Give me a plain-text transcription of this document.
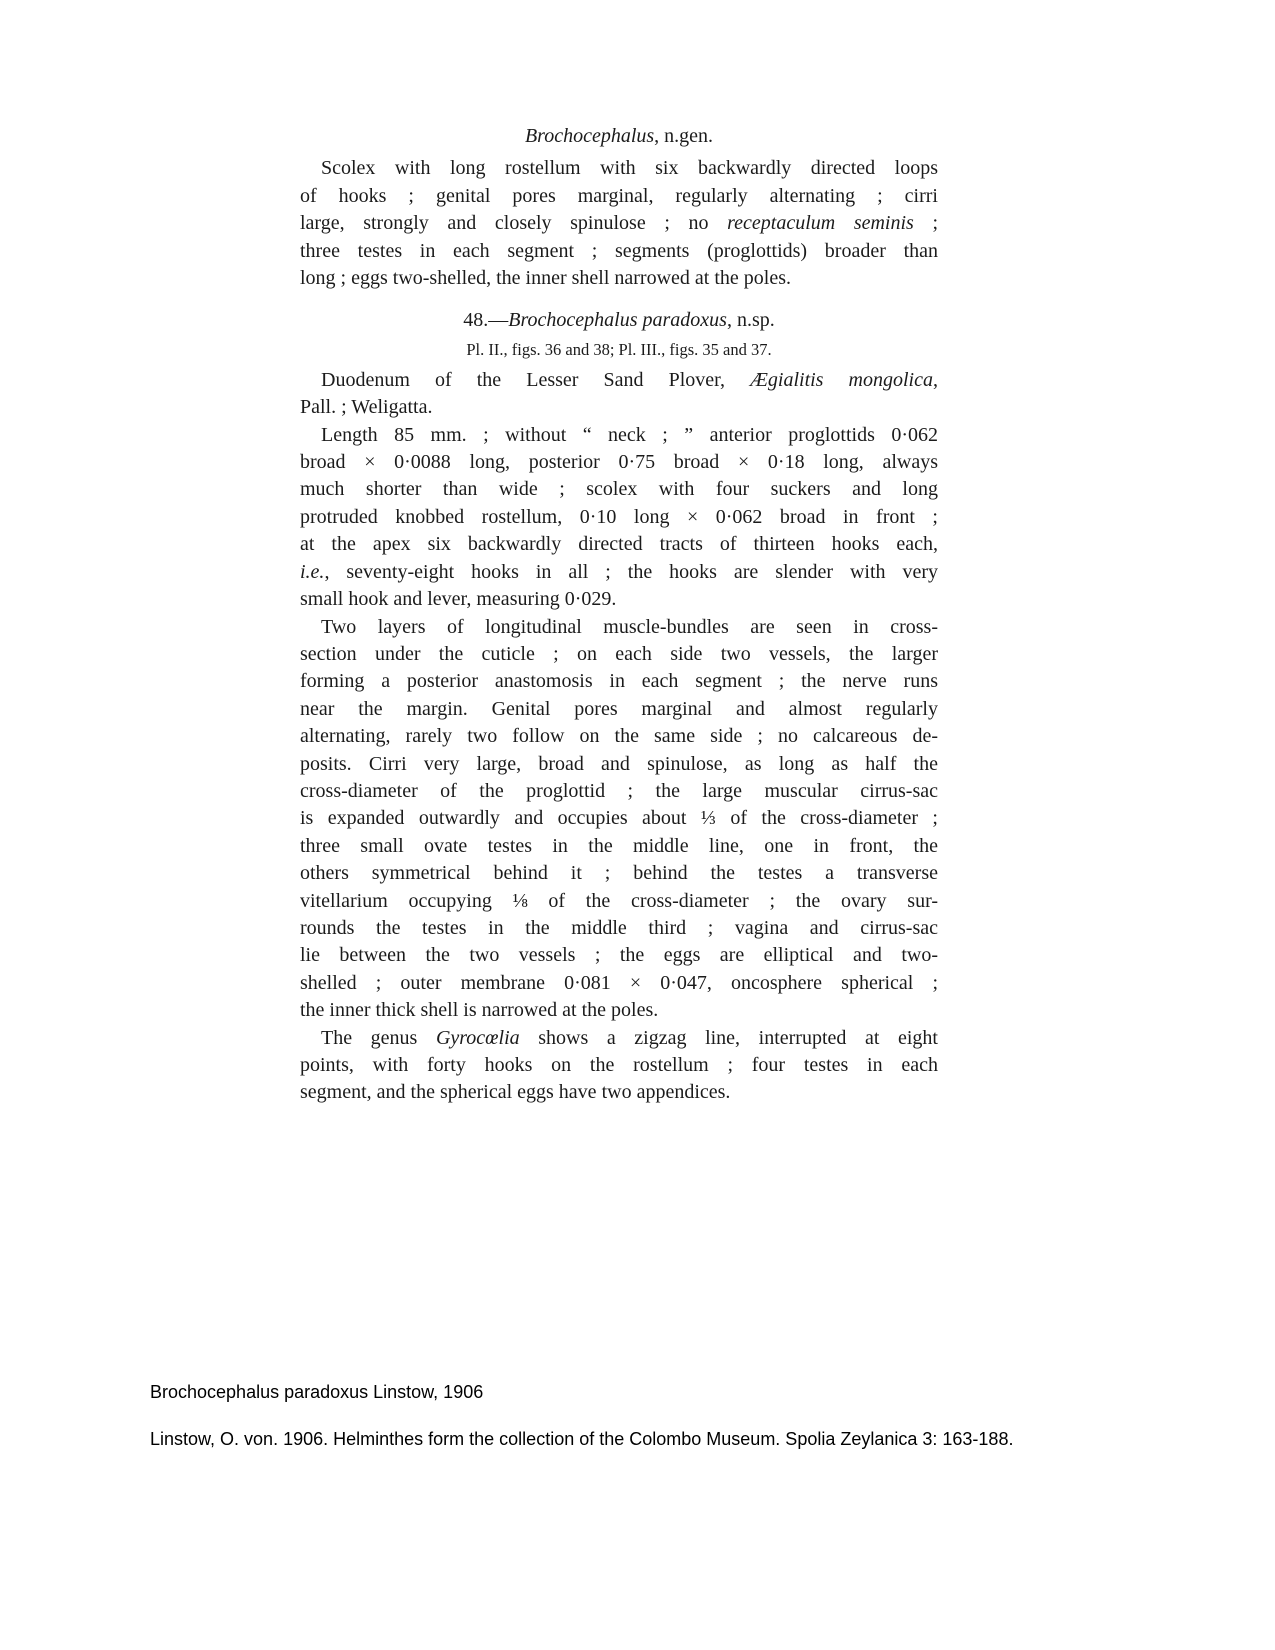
Brochocephalus, n.gen.
Scolex with long rostellum with six backwardly directed loops
of hooks ; genital pores marginal, regularly alternating ; cirri
large, strongly and closely spinulose ; no receptaculum seminis ;
three testes in each segment ; segments (proglottids) broader than
long ; eggs two-shelled, the inner shell narrowed at the poles.
48.—Brochocephalus paradoxus, n.sp.
Pl. II., figs. 36 and 38; Pl. III., figs. 35 and 37.
Duodenum of the Lesser Sand Plover, Ægialitis mongolica,
Pall. ; Weligatta.
Length 85 mm. ; without “ neck ; ” anterior proglottids 0·062
broad × 0·0088 long, posterior 0·75 broad × 0·18 long, always
much shorter than wide ; scolex with four suckers and long
protruded knobbed rostellum, 0·10 long × 0·062 broad in front ;
at the apex six backwardly directed tracts of thirteen hooks each,
i.e., seventy-eight hooks in all ; the hooks are slender with very
small hook and lever, measuring 0·029.
Two layers of longitudinal muscle-bundles are seen in cross-
section under the cuticle ; on each side two vessels, the larger
forming a posterior anastomosis in each segment ; the nerve runs
near the margin. Genital pores marginal and almost regularly
alternating, rarely two follow on the same side ; no calcareous de-
posits. Cirri very large, broad and spinulose, as long as half the
cross-diameter of the proglottid ; the large muscular cirrus-sac
is expanded outwardly and occupies about ⅓ of the cross-diameter ;
three small ovate testes in the middle line, one in front, the
others symmetrical behind it ; behind the testes a transverse
vitellarium occupying ⅛ of the cross-diameter ; the ovary sur-
rounds the testes in the middle third ; vagina and cirrus-sac
lie between the two vessels ; the eggs are elliptical and two-
shelled ; outer membrane 0·081 × 0·047, oncosphere spherical ;
the inner thick shell is narrowed at the poles.
The genus Gyrocœlia shows a zigzag line, interrupted at eight
points, with forty hooks on the rostellum ; four testes in each
segment, and the spherical eggs have two appendices.
Brochocephalus paradoxus Linstow, 1906
Linstow, O. von. 1906. Helminthes form the collection of the Colombo Museum. Spolia Zeylanica 3: 163-188.
